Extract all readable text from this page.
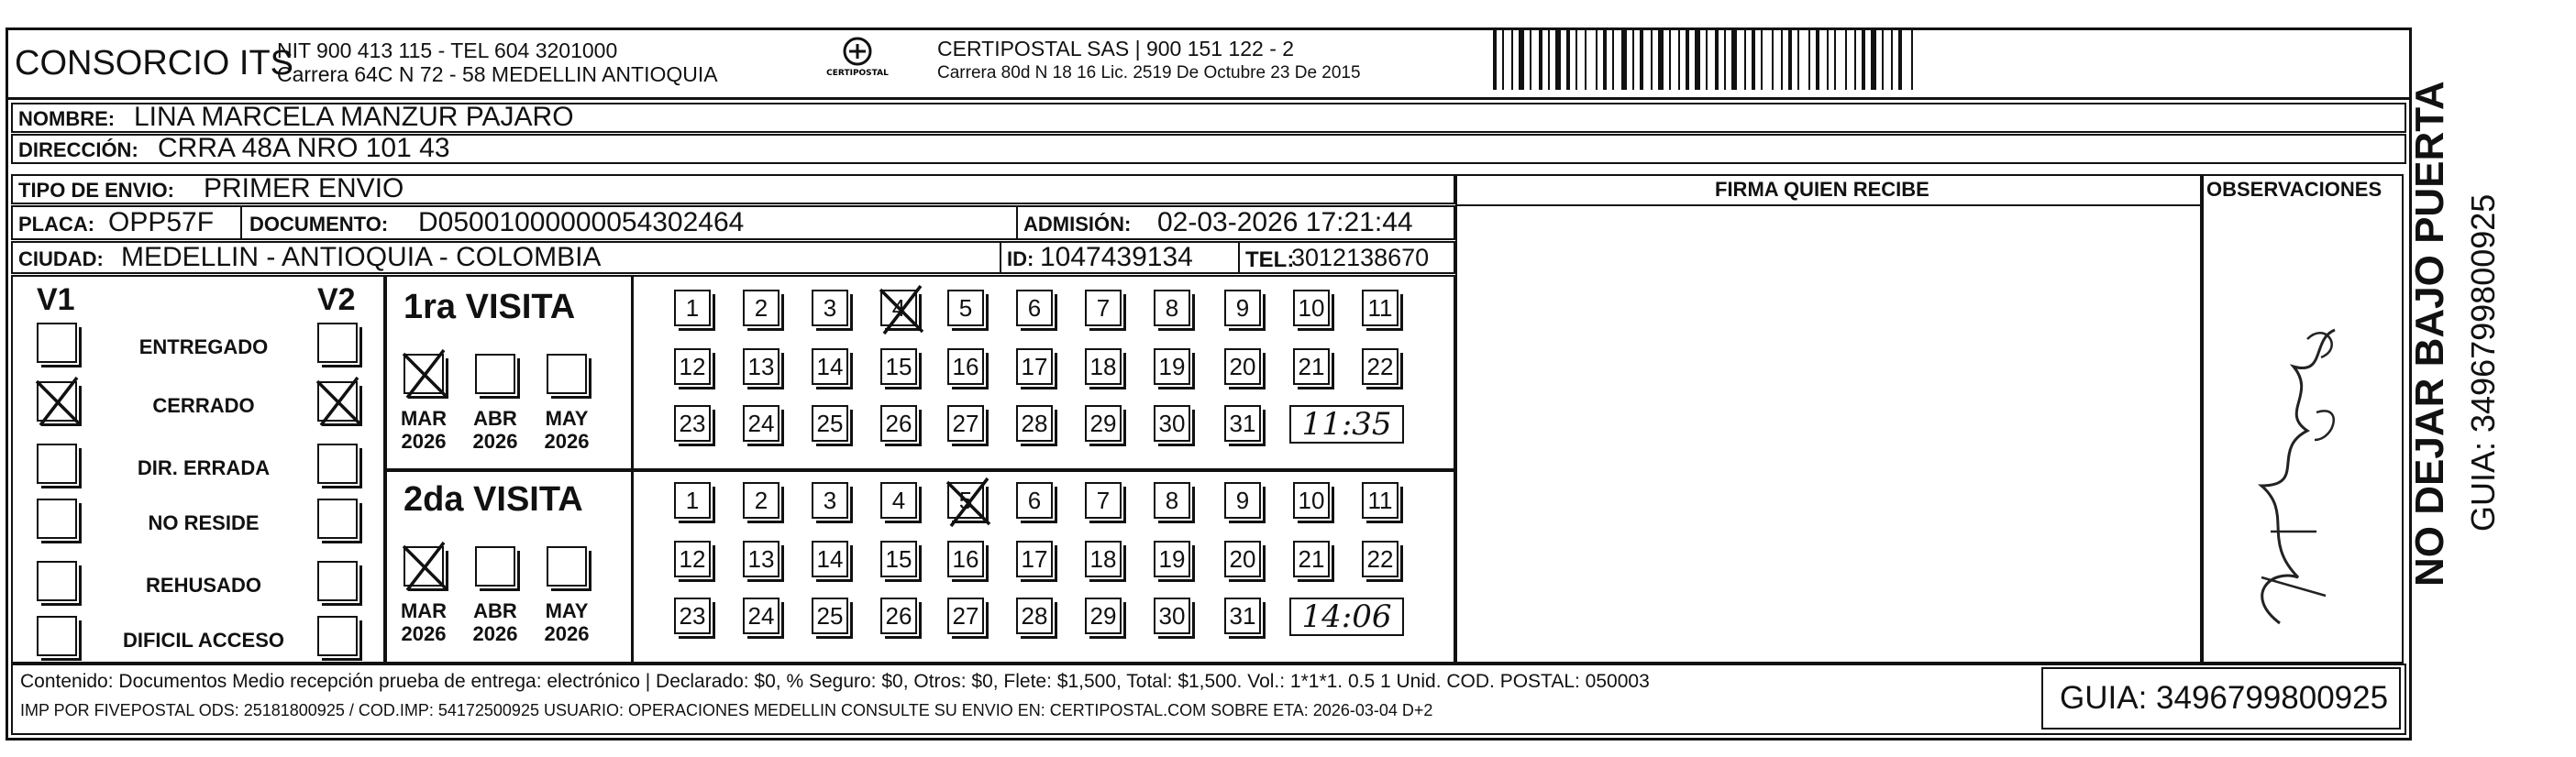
CONSORCIO ITS
NIT 900 413 115 - TEL 604 3201000
Carrera 64C N 72 - 58 MEDELLIN ANTIOQUIA	CERTIPOSTAL
CERTIPOSTAL SAS | 900 151 122 - 2
Carrera 80d N 18 16 Lic. 2519 De Octubre 23 De 2015
NOMBRE: LINA MARCELA MANZUR PAJARO
DIRECCIÓN: CRRA 48A NRO 101 43
TIPO DE ENVIO: PRIMER ENVIO
PLACA: OPP57F DOCUMENTO: D05001000000054302464	ADMISIÓN: 02-03-2026 17:21:44
CIUDAD: MEDELLIN - ANTIOQUIA - COLOMBIA	ID: 1047439134 TEL:
3012138670
FIRMA QUIEN RECIBE	OBSERVACIONES
V1	V2
ENTREGADO
CERRADO
DIR. ERRADA
NO RESIDE
REHUSADO
DIFICIL ACCESO
1ra VISITA
2da VISITA
MAR
2026
ABR
2026
MAY
2026
1 2 3 4 5 6 7 8 9 10 11
12 13 14 15 16 17 18 19 20 21 22
23 24 25 26 27 28 29 30 31	11:35
MAR
2026
ABR
2026
MAY
2026
1 2 3 4 5 6 7 8 9 10 11
12 13 14 15 16 17 18 19 20 21 22
23 24 25 26 27 28 29 30 31	14:06
Contenido: Documentos Medio recepción prueba de entrega: electrónico | Declarado: $0, % Seguro: $0, Otros: $0, Flete: $1,500, Total: $1,500. Vol.: 1*1*1. 0.5 1 Unid. COD. POSTAL: 050003
IMP POR FIVEPOSTAL ODS: 25181800925 / COD.IMP: 54172500925 USUARIO: OPERACIONES MEDELLIN CONSULTE SU ENVIO EN: CERTIPOSTAL.COM SOBRE ETA: 2026-03-04 D+2	GUIA: 3496799800925
NO DEJAR BAJO PUERTA GUIA: 3496799800925
